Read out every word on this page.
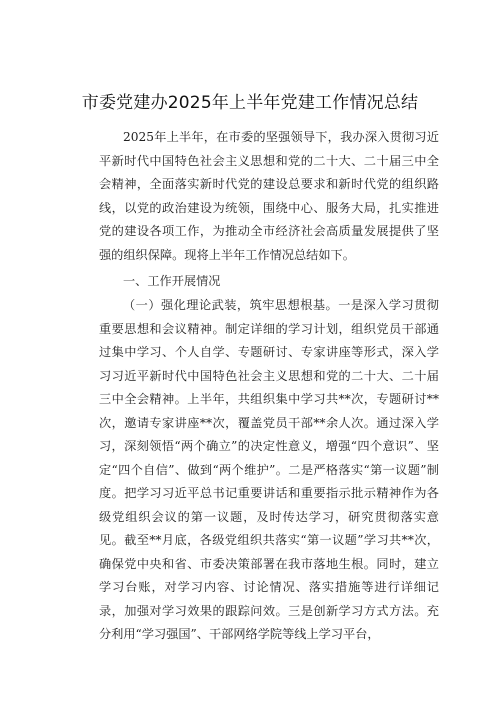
市委党建办2025年上半年党建工作情况总结

2025年上半年，在市委的坚强领导下，我办深入贯彻习近平新时代中国特色社会主义思想和党的二十大、二十届三中全会精神，全面落实新时代党的建设总要求和新时代党的组织路线，以党的政治建设为统领，围绕中心、服务大局，扎实推进党的建设各项工作，为推动全市经济社会高质量发展提供了坚强的组织保障。现将上半年工作情况总结如下。

一、工作开展情况

（一）强化理论武装，筑牢思想根基。一是深入学习贯彻重要思想和会议精神。制定详细的学习计划，组织党员干部通过集中学习、个人自学、专题研讨、专家讲座等形式，深入学习习近平新时代中国特色社会主义思想和党的二十大、二十届三中全会精神。上半年，共组织集中学习共**次，专题研讨**次，邀请专家讲座**次，覆盖党员干部**余人次。通过深入学习，深刻领悟“两个确立”的决定性意义，增强“四个意识”、坚定“四个自信”、做到“两个维护”。二是严格落实“第一议题”制度。把学习习近平总书记重要讲话和重要指示批示精神作为各级党组织会议的第一议题，及时传达学习，研究贯彻落实意见。截至**月底，各级党组织共落实“第一议题”学习共**次，确保党中央和省、市委决策部署在我市落地生根。同时，建立学习台账，对学习内容、讨论情况、落实措施等进行详细记录，加强对学习效果的跟踪问效。三是创新学习方式方法。充分利用“学习强国”、干部网络学院等线上学习平台，
